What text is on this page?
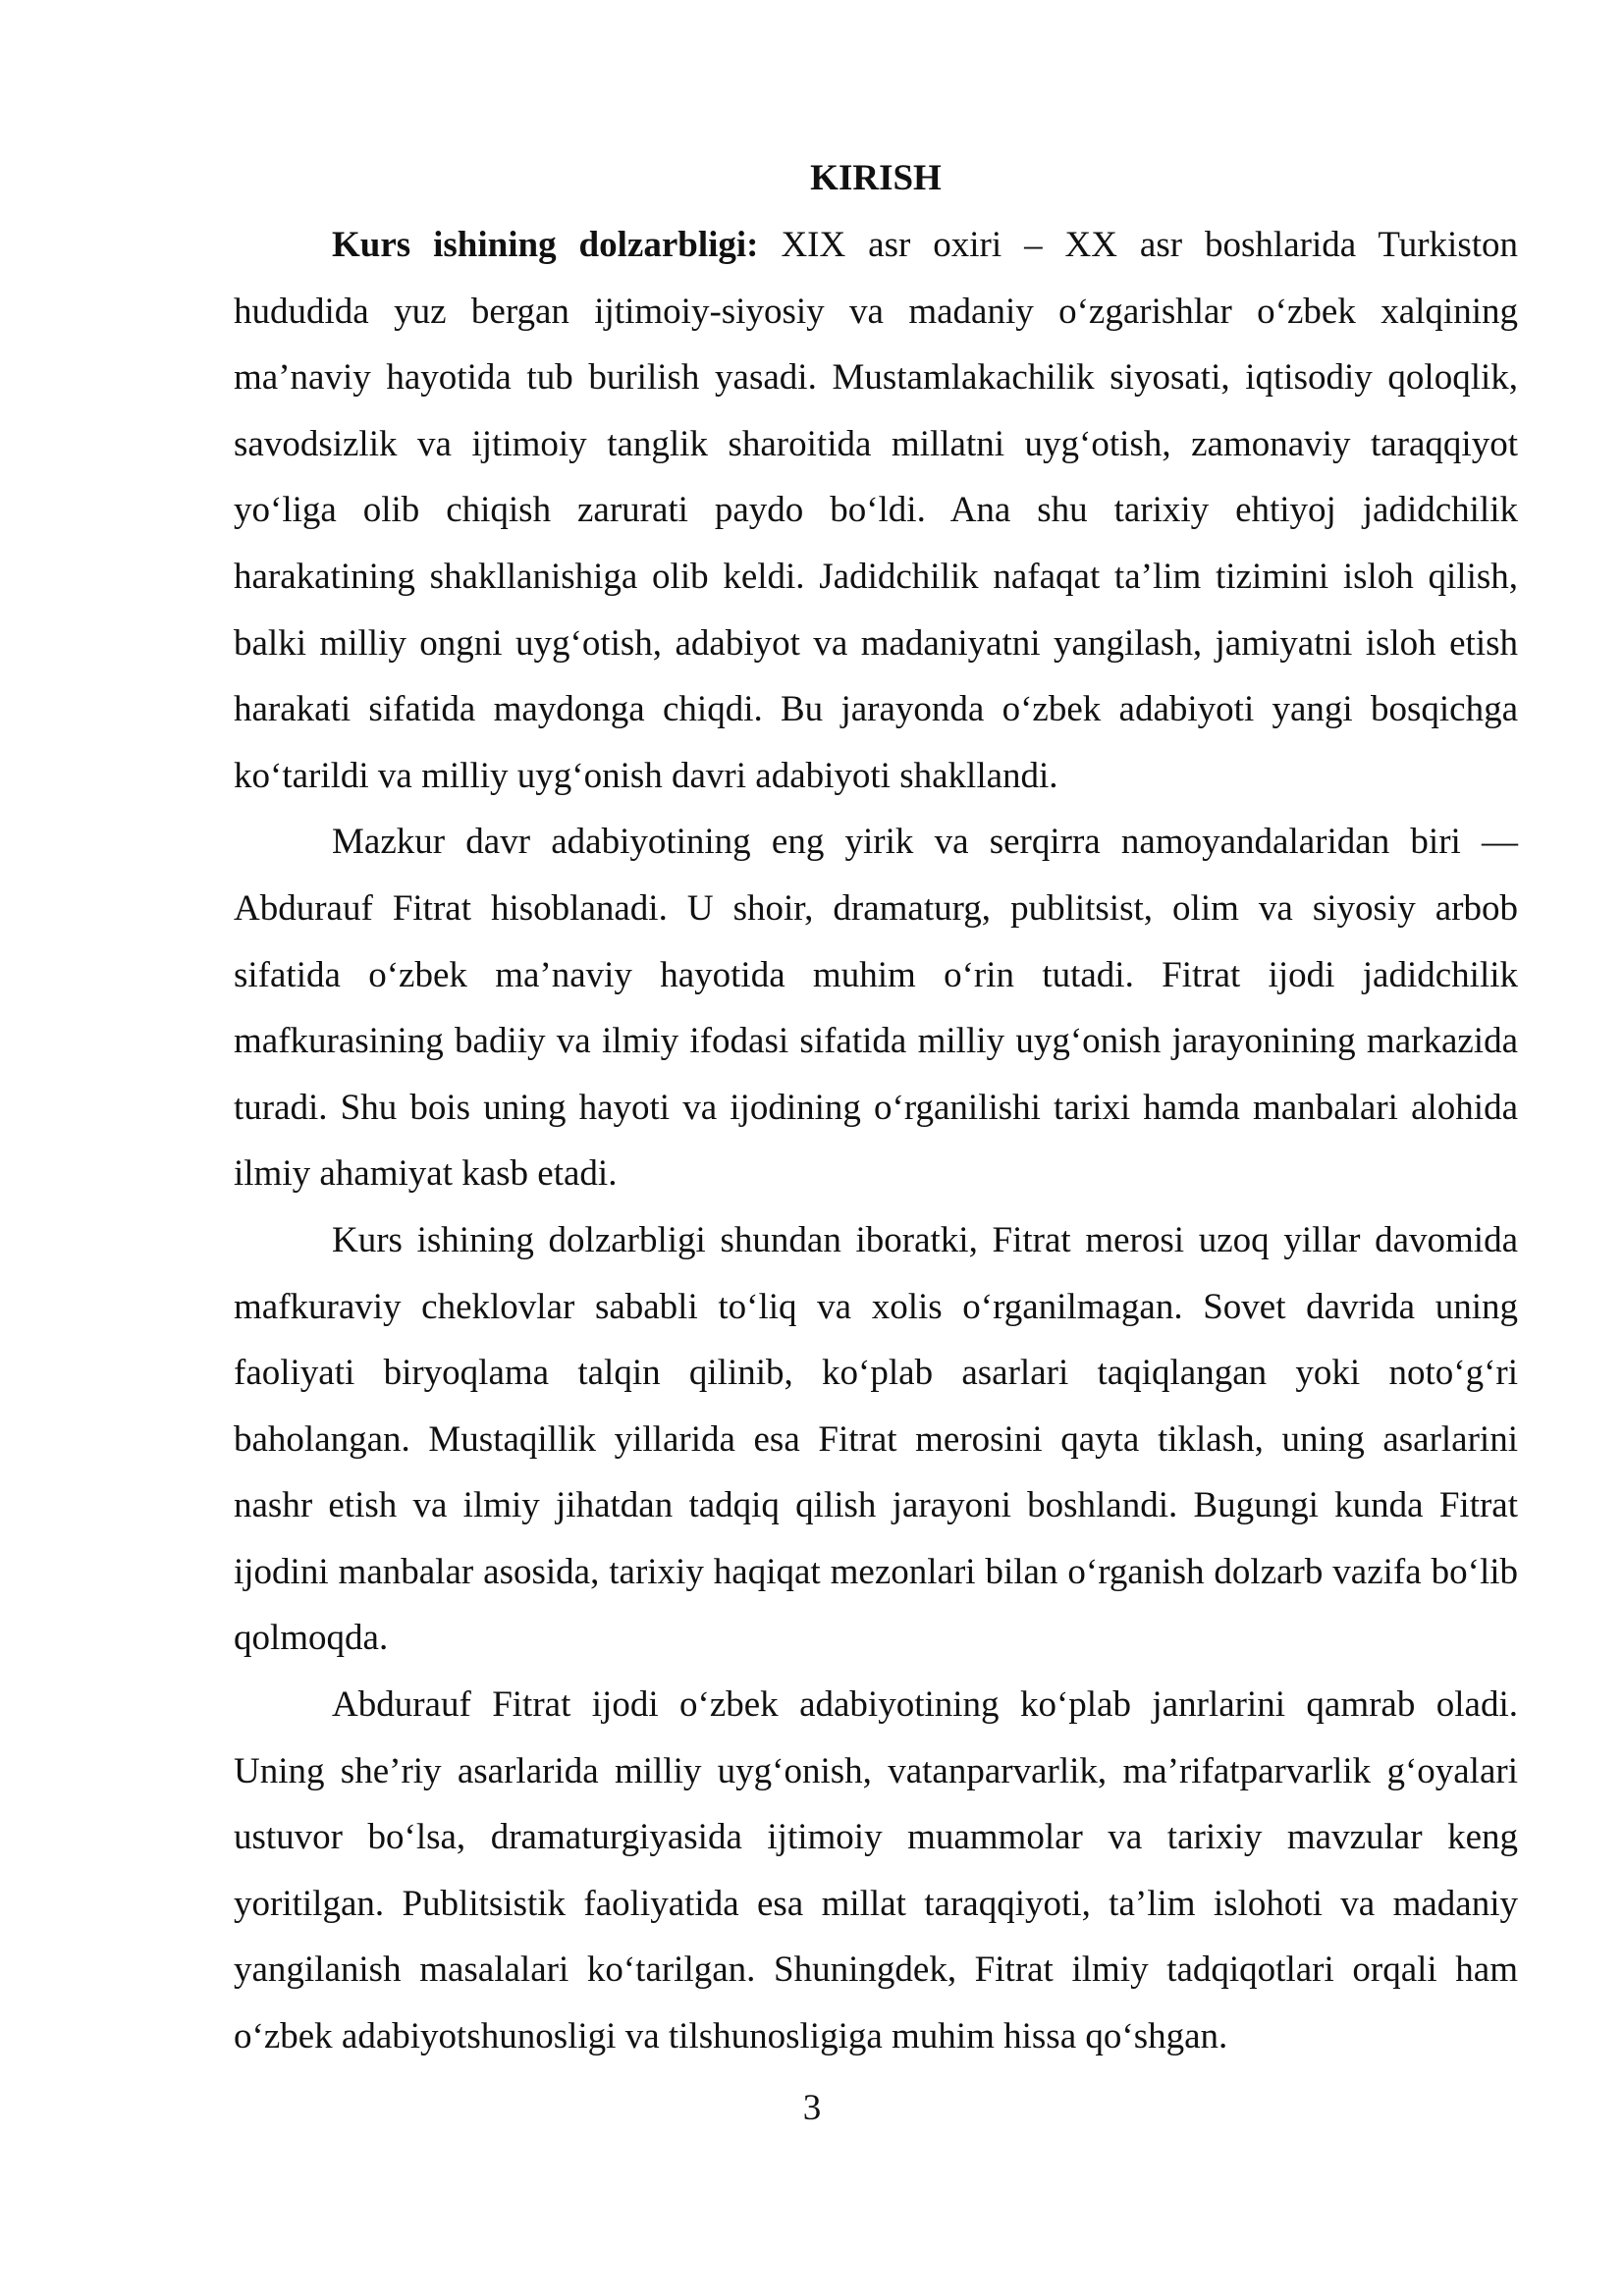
KIRISH

Kurs ishining dolzarbligi: XIX asr oxiri – XX asr boshlarida Turkiston hududida yuz bergan ijtimoiy-siyosiy va madaniy oʻzgarishlar oʻzbek xalqining maʼnaviy hayotida tub burilish yasadi. Mustamlakachilik siyosati, iqtisodiy qoloqlik, savodsizlik va ijtimoiy tanglik sharoitida millatni uygʻotish, zamonaviy taraqqiyot yoʻliga olib chiqish zarurati paydo boʻldi. Ana shu tarixiy ehtiyoj jadidchilik harakatining shakllanishiga olib keldi. Jadidchilik nafaqat taʼlim tizimini isloh qilish, balki milliy ongni uygʻotish, adabiyot va madaniyatni yangilash, jamiyatni isloh etish harakati sifatida maydonga chiqdi. Bu jarayonda oʻzbek adabiyoti yangi bosqichga koʻtarildi va milliy uygʻonish davri adabiyoti shakllandi.

Mazkur davr adabiyotining eng yirik va serqirra namoyandalaridan biri — Abdurauf Fitrat hisoblanadi. U shoir, dramaturg, publitsist, olim va siyosiy arbob sifatida oʻzbek maʼnaviy hayotida muhim oʻrin tutadi. Fitrat ijodi jadidchilik mafkurasining badiiy va ilmiy ifodasi sifatida milliy uygʻonish jarayonining markazida turadi. Shu bois uning hayoti va ijodining oʻrganilishi tarixi hamda manbalari alohida ilmiy ahamiyat kasb etadi.

Kurs ishining dolzarbligi shundan iboratki, Fitrat merosi uzoq yillar davomida mafkuraviy cheklovlar sababli toʻliq va xolis oʻrganilmagan. Sovet davrida uning faoliyati biryoqlama talqin qilinib, koʻplab asarlari taqiqlangan yoki notoʻgʻri baholangan. Mustaqillik yillarida esa Fitrat merosini qayta tiklash, uning asarlarini nashr etish va ilmiy jihatdan tadqiq qilish jarayoni boshlandi. Bugungi kunda Fitrat ijodini manbalar asosida, tarixiy haqiqat mezonlari bilan oʻrganish dolzarb vazifa boʻlib qolmoqda.

Abdurauf Fitrat ijodi oʻzbek adabiyotining koʻplab janrlarini qamrab oladi. Uning sheʼriy asarlarida milliy uygʻonish, vatanparvarlik, maʼrifatparvarlik gʻoyalari ustuvor boʻlsa, dramaturgiyasida ijtimoiy muammolar va tarixiy mavzular keng yoritilgan. Publitsistik faoliyatida esa millat taraqqiyoti, taʼlim islohoti va madaniy yangilanish masalalari koʻtarilgan. Shuningdek, Fitrat ilmiy tadqiqotlari orqali ham oʻzbek adabiyotshunosligi va tilshunosligiga muhim hissa qoʻshgan.

3
